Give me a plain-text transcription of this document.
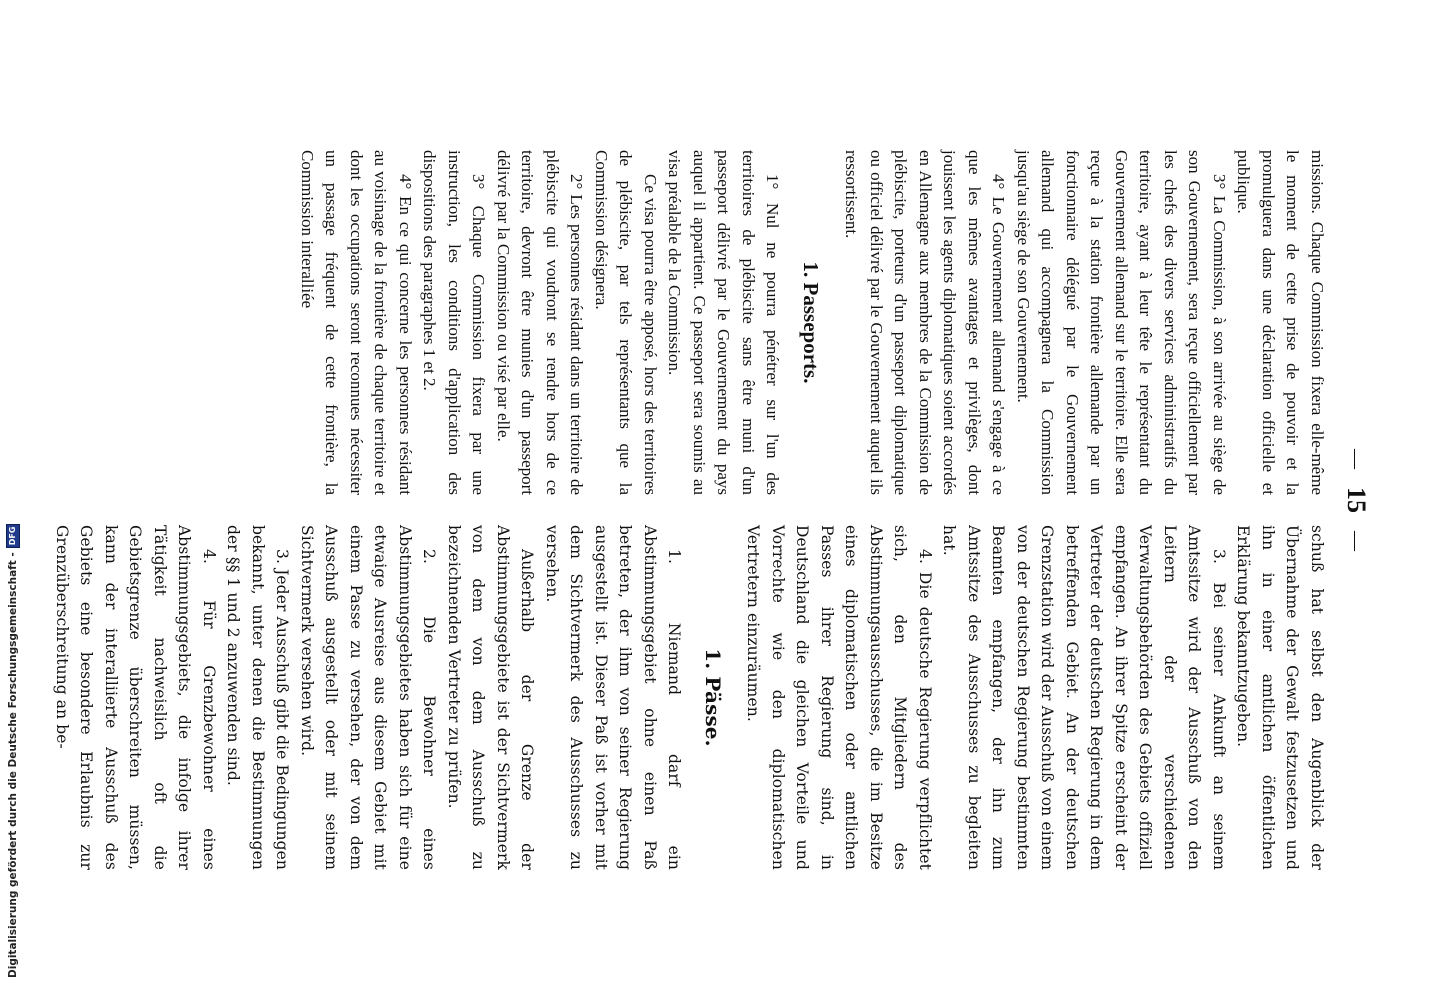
—
15
—

missions. Chaque Commission fixera elle-même le moment de cette prise de pouvoir et la promulguera dans une déclaration officielle et publique.

3° La Commission, à son arrivée au siège de son Gouvernement, sera reçue officiellement par les chefs des divers services administratifs du territoire, ayant à leur tête le représentant du Gouvernement allemand sur le territoire. Elle sera reçue à la station frontière allemande par un fonctionnaire délégué par le Gouvernement allemand qui accompagnera la Commission jusqu'au siège de son Gouvernement.

4° Le Gouvernement allemand s'engage à ce que les mêmes avantages et privilèges, dont jouissent les agents diplomatiques soient accordés en Allemagne aux membres de la Commission de plébiscite, porteurs d'un passeport diplomatique ou officiel délivré par le Gouvernement auquel ils ressortissent.

1. Passeports.

1° Nul ne pourra pénétrer sur l'un des territoires de plébiscite sans être muni d'un passeport délivré par le Gouvernement du pays auquel il appartient. Ce passeport sera soumis au visa préalable de la Commission.

Ce visa pourra être apposé, hors des territoires de plébiscite, par tels représentants que la Commission désignera.

2° Les personnes résidant dans un territoire de plébiscite qui voudront se rendre hors de ce territoire, devront être munies d'un passeport délivré par la Commission ou visé par elle.

3° Chaque Commission fixera par une instruction, les conditions d'application des dispositions des paragraphes 1 et 2.

4° En ce qui concerne les personnes résidant au voisinage de la frontière de chaque territoire et dont les occupations seront reconnues nécessiter un passage fréquent de cette frontière, la Commission interalliée

schuß hat selbst den Augenblick der Übernahme der Gewalt festzusetzen und ihn in einer amtlichen öffentlichen Erklärung bekanntzugeben.

3. Bei seiner Ankunft an seinem Amtssitze wird der Ausschuß von den Leitern der verschiedenen Verwaltungsbehörden des Gebiets offiziell empfangen. An ihrer Spitze erscheint der Vertreter der deutschen Regierung in dem betreffenden Gebiet. An der deutschen Grenzstation wird der Ausschuß von einem von der deutschen Regierung bestimmten Beamten empfangen, der ihn zum Amtssitze des Ausschusses zu begleiten hat.

4. Die deutsche Regierung verpflichtet sich, den Mitgliedern des Abstimmungsausschusses, die im Besitze eines diplomatischen oder amtlichen Passes ihrer Regierung sind, in Deutschland die gleichen Vorteile und Vorrechte wie den diplomatischen Vertretern einzuräumen.

1. Pässe.

1. Niemand darf ein Abstimmungsgebiet ohne einen Paß betreten, der ihm von seiner Regierung ausgestellt ist. Dieser Paß ist vorher mit dem Sichtvermerk des Ausschusses zu versehen.

Außerhalb der Grenze der Abstimmungsgebiete ist der Sichtvermerk von dem von dem Ausschuß zu bezeichnenden Vertreter zu prüfen.

2. Die Bewohner eines Abstimmungsgebietes haben sich für eine etwaige Ausreise aus diesem Gebiet mit einem Passe zu versehen, der von dem Ausschuß ausgestellt oder mit seinem Sichtvermerk versehen wird.

3. Jeder Ausschuß gibt die Bedingungen bekannt, unter denen die Bestimmungen der §§ 1 und 2 anzuwenden sind.

4. Für Grenzbewohner eines Abstimmungsgebiets, die infolge ihrer Tätigkeit nachweislich oft die Gebietsgrenze überschreiten müssen, kann der interalliierte Ausschuß des Gebiets eine besondere Erlaubnis zur Grenzüberschreitung an be-

Digitalisierung gefördert durch die Deutsche Forschungsgemeinschaft -
DFG
